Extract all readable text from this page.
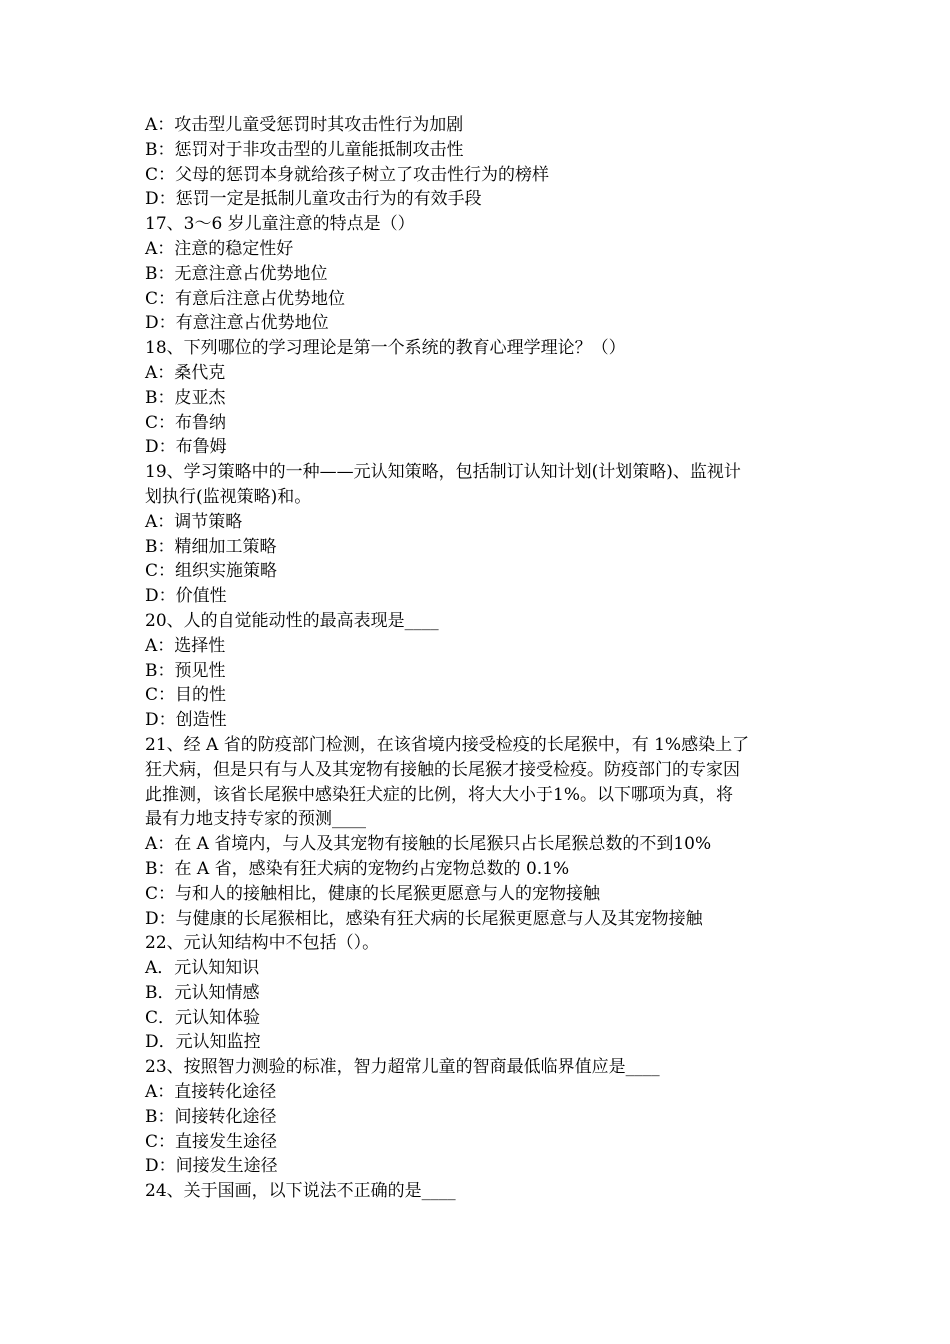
A：攻击型儿童受惩罚时其攻击性行为加剧
B：惩罚对于非攻击型的儿童能抵制攻击性
C：父母的惩罚本身就给孩子树立了攻击性行为的榜样
D：惩罚一定是抵制儿童攻击行为的有效手段
17、3～6 岁儿童注意的特点是（）
A：注意的稳定性好
B：无意注意占优势地位
C：有意后注意占优势地位
D：有意注意占优势地位
18、下列哪位的学习理论是第一个系统的教育心理学理论？（）
A：桑代克
B：皮亚杰
C：布鲁纳
D：布鲁姆
19、学习策略中的一种——元认知策略，包括制订认知计划(计划策略)、监视计
划执行(监视策略)和。
A：调节策略
B：精细加工策略
C：组织实施策略
D：价值性
20、人的自觉能动性的最高表现是____
A：选择性
B：预见性
C：目的性
D：创造性
21、经 A 省的防疫部门检测，在该省境内接受检疫的长尾猴中，有 1%感染上了
狂犬病，但是只有与人及其宠物有接触的长尾猴才接受检疫。防疫部门的专家因
此推测，该省长尾猴中感染狂犬症的比例，将大大小于1%。以下哪项为真，将
最有力地支持专家的预测____
A：在 A 省境内，与人及其宠物有接触的长尾猴只占长尾猴总数的不到10%
B：在 A 省，感染有狂犬病的宠物约占宠物总数的 0.1%
C：与和人的接触相比，健康的长尾猴更愿意与人的宠物接触
D：与健康的长尾猴相比，感染有狂犬病的长尾猴更愿意与人及其宠物接触
22、元认知结构中不包括（）。
A．元认知知识
B．元认知情感
C．元认知体验
D．元认知监控
23、按照智力测验的标准，智力超常儿童的智商最低临界值应是____
A：直接转化途径
B：间接转化途径
C：直接发生途径
D：间接发生途径
24、关于国画，以下说法不正确的是____
